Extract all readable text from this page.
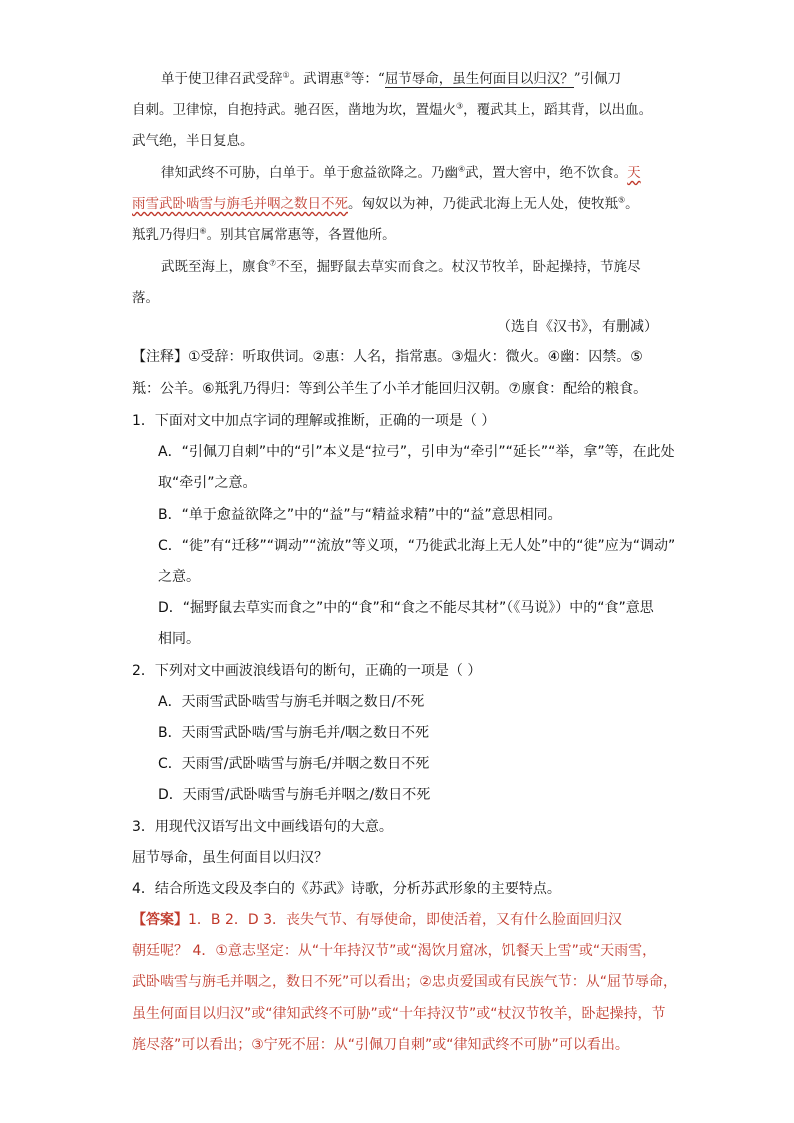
单于使卫律召武受辞①。武谓惠②等：“屈节辱命，虽生何面目以归汉？”引佩刀
自刺。卫律惊，自抱持武。驰召医，凿地为坎，置煴火③，覆武其上，蹈其背，以出血。
武气绝，半日复息。
律知武终不可胁，白单于。单于愈益欲降之。乃幽④武，置大窖中，绝不饮食。天
雨雪武卧啮雪与旃毛并咽之数日不死。匈奴以为神，乃徙武北海上无人处，使牧羝⑤。
羝乳乃得归⑥。别其官属常惠等，各置他所。
武既至海上，廪食⑦不至，掘野鼠去草实而食之。杖汉节牧羊，卧起操持，节旄尽
落。
（选自《汉书》，有删减）
【注释】①受辞：听取供词。②惠：人名，指常惠。③煴火：微火。④幽：囚禁。⑤
羝：公羊。⑥羝乳乃得归：等到公羊生了小羊才能回归汉朝。⑦廪食：配给的粮食。
1．下面对文中加点字词的理解或推断，正确的一项是（ ）
A．“引佩刀自刺”中的“引”本义是“拉弓”，引申为“牵引”“延长”“举，拿”等，在此处
取“牵引”之意。
B．“单于愈益欲降之”中的“益”与“精益求精”中的“益”意思相同。
C．“徙”有“迁移”“调动”“流放”等义项，“乃徙武北海上无人处”中的“徙”应为“调动”
之意。
D．“掘野鼠去草实而食之”中的“食”和“食之不能尽其材”（《马说》）中的“食”意思
相同。
2．下列对文中画波浪线语句的断句，正确的一项是（ ）
A．天雨雪武卧啮雪与旃毛并咽之数日/不死
B．天雨雪武卧啮/雪与旃毛并/咽之数日不死
C．天雨雪/武卧啮雪与旃毛/并咽之数日不死
D．天雨雪/武卧啮雪与旃毛并咽之/数日不死
3．用现代汉语写出文中画线语句的大意。
屈节辱命，虽生何面目以归汉？
4．结合所选文段及李白的《苏武》诗歌，分析苏武形象的主要特点。
【答案】1．B 2．D 3．丧失气节、有辱使命，即使活着，又有什么脸面回归汉
朝廷呢？ 4．①意志坚定：从“十年持汉节”或“渴饮月窟冰，饥餐天上雪”或“天雨雪，
武卧啮雪与旃毛并咽之，数日不死”可以看出；②忠贞爱国或有民族气节：从“屈节辱命，
虽生何面目以归汉”或“律知武终不可胁”或“十年持汉节”或“杖汉节牧羊，卧起操持，节
旄尽落”可以看出；③宁死不屈：从“引佩刀自刺”或“律知武终不可胁”可以看出。
